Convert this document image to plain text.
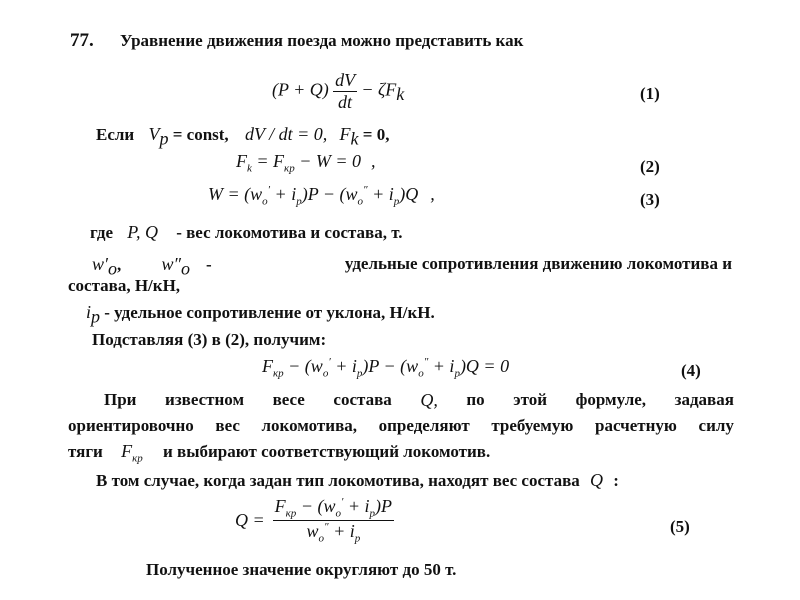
77. Уравнение движения поезда можно представить как
$(P + Q) \frac{dV}{dt} - \zeta F_k$	(1)
Если $V_p$ = const, dV / dt = 0, $F_k = 0$,
$F_k = F_{кр} - W = 0$ ,	(2)
$W = (w_o' + i_p)P - (w_o'' + i_p)Q$ ,	(3)
где P, Q - вес локомотива и состава, т.
$w'_o$, $w''_o$ -	удельные сопротивления движению локомотива и
состава, Н/кН,
$i_p$ - удельное сопротивление от уклона, Н/кН.
Подставляя (3) в (2), получим:
$F_{кр} - (w_o' + i_p)P - (w_o'' + i_p)Q = 0$	(4)
При известном весе состава Q, по этой формуле, задавая
ориентировочно вес локомотива, определяют требуемую расчетную силу
тяги $F_{кр}$ и выбирают соответствующий локомотив.
В том случае, когда задан тип локомотива, находят вес состава Q :
$Q = \frac{F_{кр} - (w_o' + i_p)P}{w_o'' + i_p}$	(5)
Полученное значение округляют до 50 т.
